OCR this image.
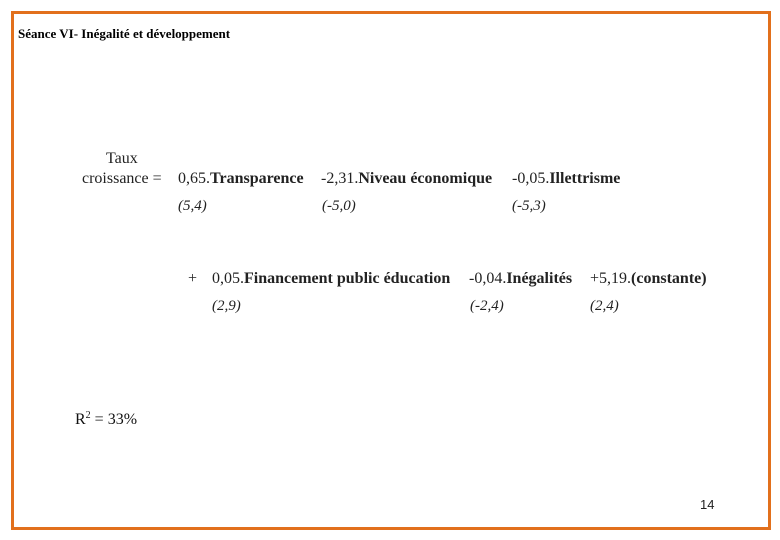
Séance VI- Inégalité et développement
Taux
croissance = 0,65.Transparence -2,31.Niveau économique -0,05.Illettrisme
(5,4)	(-5,0)	(-5,3)
+ 0,05.Financement public éducation -0,04.Inégalités +5,19.(constante)
(2,9)	(-2,4)	(2,4)
$R^2 = 33\%$
14
